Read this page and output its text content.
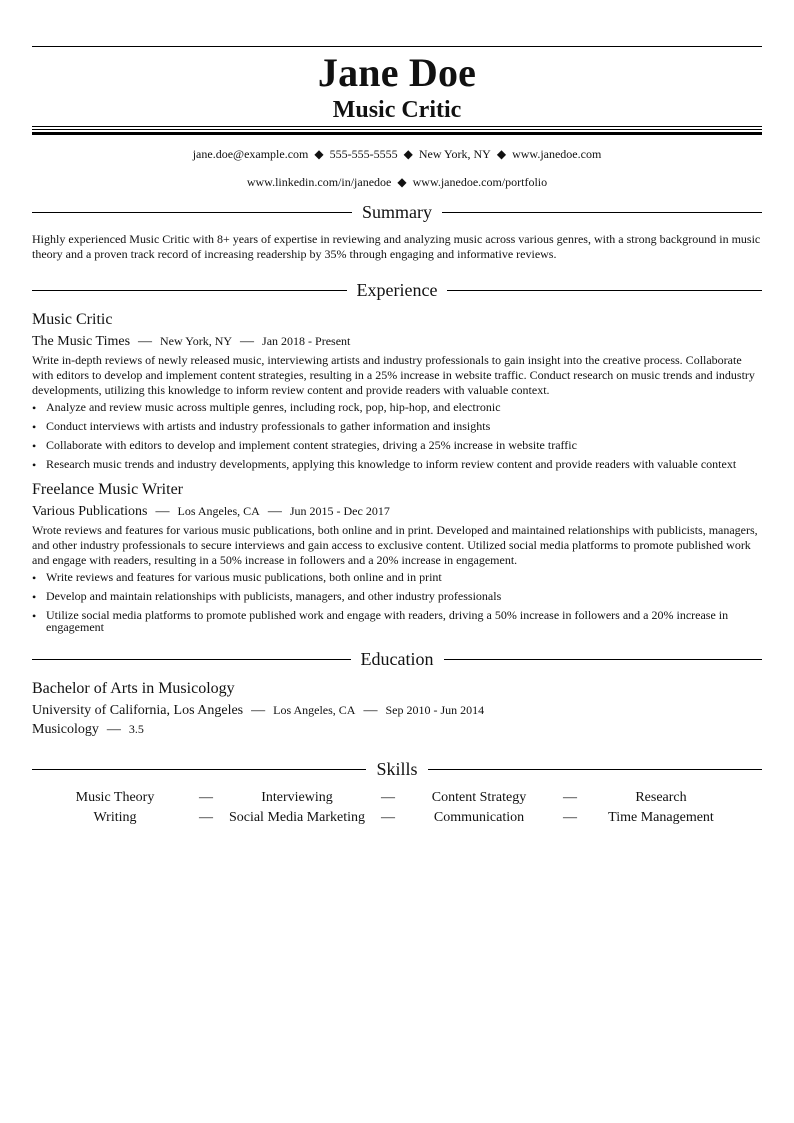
Jane Doe
Music Critic
jane.doe@example.com ◆ 555-555-5555 ◆ New York, NY ◆ www.janedoe.com
www.linkedin.com/in/janedoe ◆ www.janedoe.com/portfolio
Summary
Highly experienced Music Critic with 8+ years of expertise in reviewing and analyzing music across various genres, with a strong background in music theory and a proven track record of increasing readership by 35% through engaging and informative reviews.
Experience
Music Critic
The Music Times — New York, NY — Jan 2018 - Present
Write in-depth reviews of newly released music, interviewing artists and industry professionals to gain insight into the creative process. Collaborate with editors to develop and implement content strategies, resulting in a 25% increase in website traffic. Conduct research on music trends and industry developments, utilizing this knowledge to inform review content and provide readers with valuable context.
• Analyze and review music across multiple genres, including rock, pop, hip-hop, and electronic
• Conduct interviews with artists and industry professionals to gather information and insights
• Collaborate with editors to develop and implement content strategies, driving a 25% increase in website traffic
• Research music trends and industry developments, applying this knowledge to inform review content and provide readers with valuable context
Freelance Music Writer
Various Publications — Los Angeles, CA — Jun 2015 - Dec 2017
Wrote reviews and features for various music publications, both online and in print. Developed and maintained relationships with publicists, managers, and other industry professionals to secure interviews and gain access to exclusive content. Utilized social media platforms to promote published work and engage with readers, resulting in a 50% increase in followers and a 20% increase in engagement.
• Write reviews and features for various music publications, both online and in print
• Develop and maintain relationships with publicists, managers, and other industry professionals
• Utilize social media platforms to promote published work and engage with readers, driving a 50% increase in followers and a 20% increase in engagement
Education
Bachelor of Arts in Musicology
University of California, Los Angeles — Los Angeles, CA — Sep 2010 - Jun 2014
Musicology — 3.5
Skills
Music Theory	—	Interviewing	—	Content Strategy	—	Research
Writing	—	Social Media Marketing	—	Communication	—	Time Management
